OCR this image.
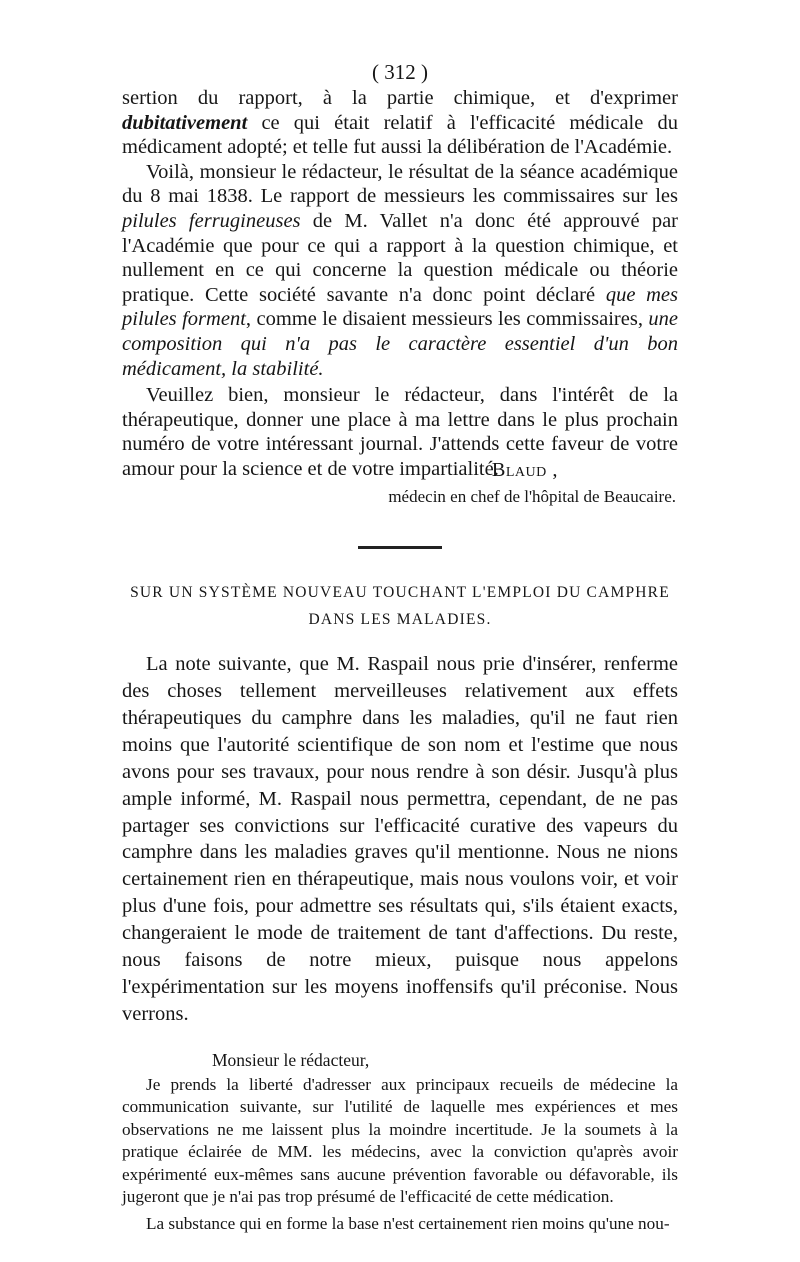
( 312 )

sertion du rapport, à la partie chimique, et d'exprimer dubitativement ce qui était relatif à l'efficacité médicale du médicament adopté; et telle fut aussi la délibération de l'Académie.

Voilà, monsieur le rédacteur, le résultat de la séance académique du 8 mai 1838. Le rapport de messieurs les commissaires sur les pilules ferrugineuses de M. Vallet n'a donc été approuvé par l'Académie que pour ce qui a rapport à la question chimique, et nullement en ce qui concerne la question médicale ou théorie pratique. Cette société savante n'a donc point déclaré que mes pilules forment, comme le disaient messieurs les commissaires, une composition qui n'a pas le caractère essentiel d'un bon médicament, la stabilité.

Veuillez bien, monsieur le rédacteur, dans l'intérêt de la thérapeutique, donner une place à ma lettre dans le plus prochain numéro de votre intéressant journal. J'attends cette faveur de votre amour pour la science et de votre impartialité.

Blaud ,
médecin en chef de l'hôpital de Beaucaire.

SUR UN SYSTÈME NOUVEAU TOUCHANT L'EMPLOI DU CAMPHRE

DANS LES MALADIES.

La note suivante, que M. Raspail nous prie d'insérer, renferme des choses tellement merveilleuses relativement aux effets thérapeutiques du camphre dans les maladies, qu'il ne faut rien moins que l'autorité scientifique de son nom et l'estime que nous avons pour ses travaux, pour nous rendre à son désir. Jusqu'à plus ample informé, M. Raspail nous permettra, cependant, de ne pas partager ses convictions sur l'efficacité curative des vapeurs du camphre dans les maladies graves qu'il mentionne. Nous ne nions certainement rien en thérapeutique, mais nous voulons voir, et voir plus d'une fois, pour admettre ses résultats qui, s'ils étaient exacts, changeraient le mode de traitement de tant d'affections. Du reste, nous faisons de notre mieux, puisque nous appelons l'expérimentation sur les moyens inoffensifs qu'il préconise. Nous verrons.

Monsieur le rédacteur,

Je prends la liberté d'adresser aux principaux recueils de médecine la communication suivante, sur l'utilité de laquelle mes expériences et mes observations ne me laissent plus la moindre incertitude. Je la soumets à la pratique éclairée de MM. les médecins, avec la conviction qu'après avoir expérimenté eux-mêmes sans aucune prévention favorable ou défavorable, ils jugeront que je n'ai pas trop présumé de l'efficacité de cette médication.

La substance qui en forme la base n'est certainement rien moins qu'une nou-
